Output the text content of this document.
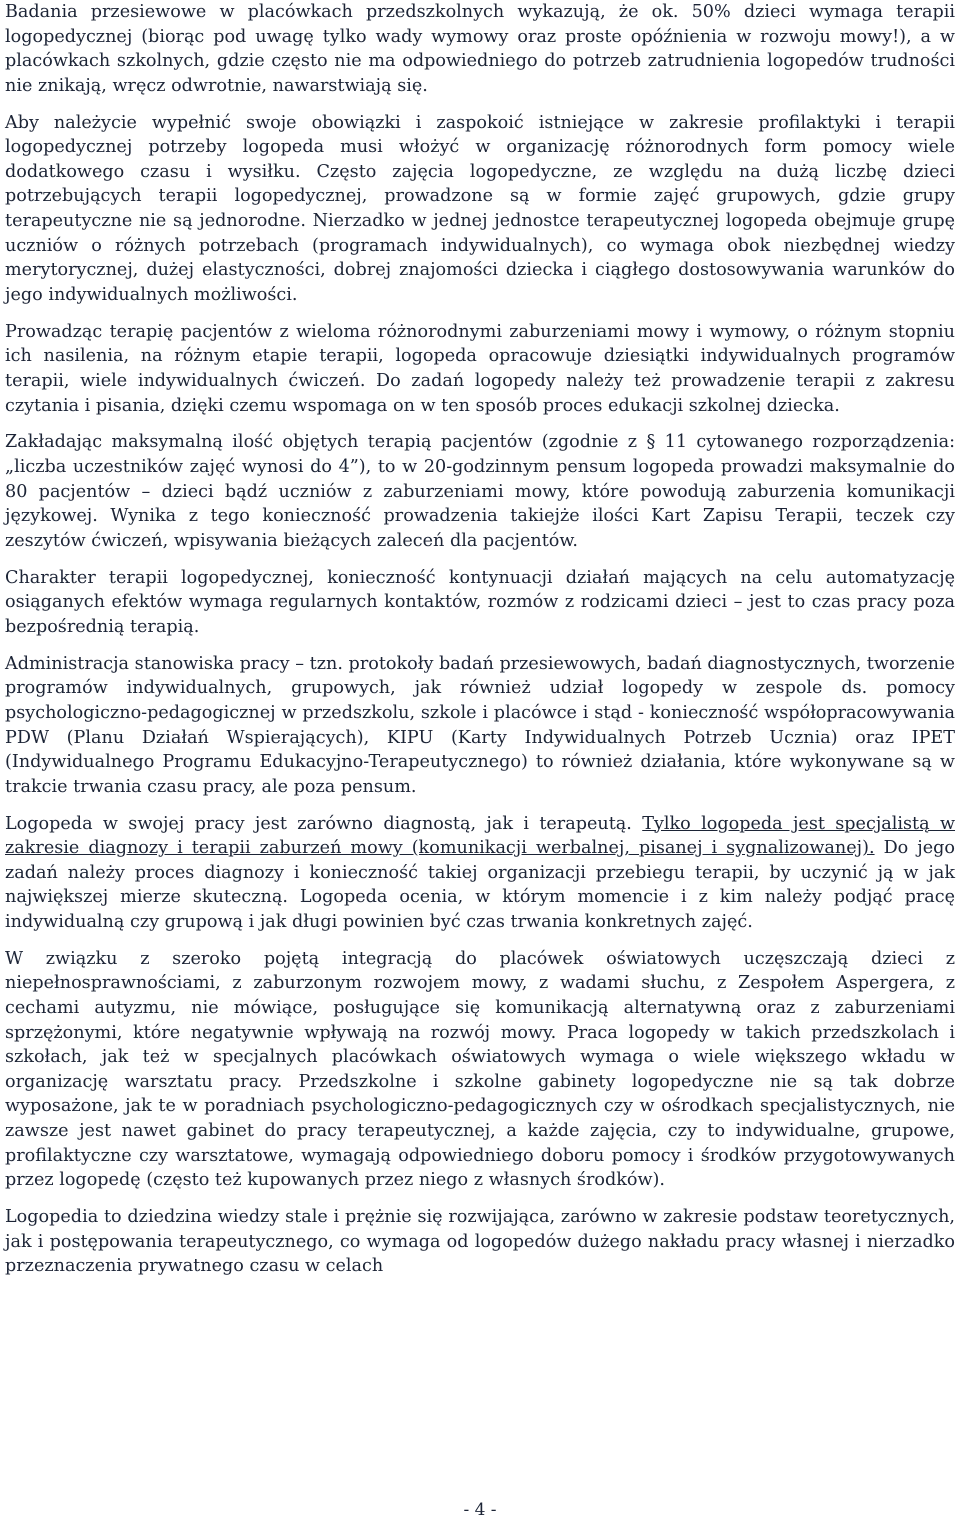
Badania przesiewowe w placówkach przedszkolnych wykazują, że ok. 50% dzieci wymaga terapii logopedycznej (biorąc pod uwagę tylko wady wymowy oraz proste opóźnienia w rozwoju mowy!), a w placówkach szkolnych, gdzie często nie ma odpowiedniego do potrzeb zatrudnienia logopedów trudności nie znikają, wręcz odwrotnie, nawarstwiają się.

Aby należycie wypełnić swoje obowiązki i zaspokoić istniejące w zakresie profilaktyki i terapii logopedycznej potrzeby logopeda musi włożyć w organizację różnorodnych form pomocy wiele dodatkowego czasu i wysiłku. Często zajęcia logopedyczne, ze względu na dużą liczbę dzieci potrzebujących terapii logopedycznej, prowadzone są w formie zajęć grupowych, gdzie grupy terapeutyczne nie są jednorodne. Nierzadko w jednej jednostce terapeutycznej logopeda obejmuje grupę uczniów o różnych potrzebach (programach indywidualnych), co wymaga obok niezbędnej wiedzy merytorycznej, dużej elastyczności, dobrej znajomości dziecka i ciągłego dostosowywania warunków do jego indywidualnych możliwości.

Prowadząc terapię pacjentów z wieloma różnorodnymi zaburzeniami mowy i wymowy, o różnym stopniu ich nasilenia, na różnym etapie terapii, logopeda opracowuje dziesiątki indywidualnych programów terapii, wiele indywidualnych ćwiczeń. Do zadań logopedy należy też prowadzenie terapii z zakresu czytania i pisania, dzięki czemu wspomaga on w ten sposób proces edukacji szkolnej dziecka.

Zakładając maksymalną ilość objętych terapią pacjentów (zgodnie z § 11 cytowanego rozporządzenia: „liczba uczestników zajęć wynosi do 4”), to w 20-godzinnym pensum logopeda prowadzi maksymalnie do 80 pacjentów – dzieci bądź uczniów z zaburzeniami mowy, które powodują zaburzenia komunikacji językowej. Wynika z tego konieczność prowadzenia takiejże ilości Kart Zapisu Terapii, teczek czy zeszytów ćwiczeń, wpisywania bieżących zaleceń dla pacjentów.

Charakter terapii logopedycznej, konieczność kontynuacji działań mających na celu automatyzację osiąganych efektów wymaga regularnych kontaktów, rozmów z rodzicami dzieci – jest to czas pracy poza bezpośrednią terapią.

Administracja stanowiska pracy – tzn. protokoły badań przesiewowych, badań diagnostycznych, tworzenie programów indywidualnych, grupowych, jak również udział logopedy w zespole ds. pomocy psychologiczno-pedagogicznej w przedszkolu, szkole i placówce i stąd - konieczność współopracowywania PDW (Planu Działań Wspierających), KIPU (Karty Indywidualnych Potrzeb Ucznia) oraz IPET (Indywidualnego Programu Edukacyjno-Terapeutycznego) to również działania, które wykonywane są w trakcie trwania czasu pracy, ale poza pensum.

Logopeda w swojej pracy jest zarówno diagnostą, jak i terapeutą. Tylko logopeda jest specjalistą w zakresie diagnozy i terapii zaburzeń mowy (komunikacji werbalnej, pisanej i sygnalizowanej). Do jego zadań należy proces diagnozy i konieczność takiej organizacji przebiegu terapii, by uczynić ją w jak największej mierze skuteczną. Logopeda ocenia, w którym momencie i z kim należy podjąć pracę indywidualną czy grupową i jak długi powinien być czas trwania konkretnych zajęć.

W związku z szeroko pojętą integracją do placówek oświatowych uczęszczają dzieci z niepełnosprawnościami, z zaburzonym rozwojem mowy, z wadami słuchu, z Zespołem Aspergera, z cechami autyzmu, nie mówiące, posługujące się komunikacją alternatywną oraz z zaburzeniami sprzężonymi, które negatywnie wpływają na rozwój mowy. Praca logopedy w takich przedszkolach i szkołach, jak też w specjalnych placówkach oświatowych wymaga o wiele większego wkładu w organizację warsztatu pracy. Przedszkolne i szkolne gabinety logopedyczne nie są tak dobrze wyposażone, jak te w poradniach psychologiczno-pedagogicznych czy w ośrodkach specjalistycznych, nie zawsze jest nawet gabinet do pracy terapeutycznej, a każde zajęcia, czy to indywidualne, grupowe, profilaktyczne czy warsztatowe, wymagają odpowiedniego doboru pomocy i środków przygotowywanych przez logopedę (często też kupowanych przez niego z własnych środków).

Logopedia to dziedzina wiedzy stale i prężnie się rozwijająca, zarówno w zakresie podstaw teoretycznych, jak i postępowania terapeutycznego, co wymaga od logopedów dużego nakładu pracy własnej i nierzadko przeznaczenia prywatnego czasu w celach

- 4 -
